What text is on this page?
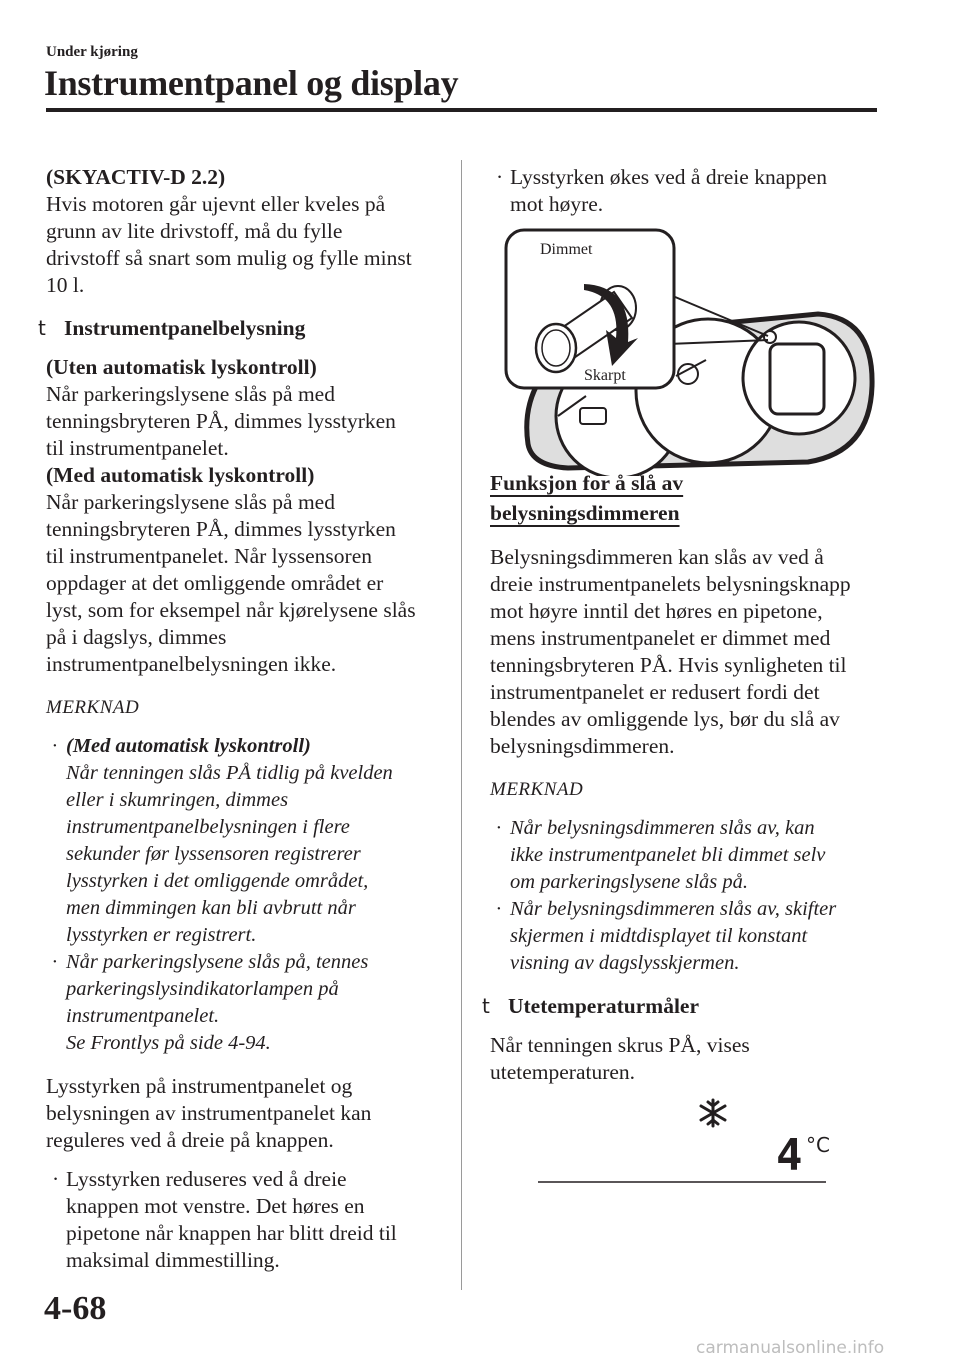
Under kjøring
Instrumentpanel og display

(SKYACTIV-D 2.2)

Hvis motoren går ujevnt eller kveles på

grunn av lite drivstoff, må du fylle

drivstoff så snart som mulig og fylle minst

10 l.

t Instrumentpanelbelysning

(Uten automatisk lyskontroll)

Når parkeringslysene slås på med

tenningsbryteren PÅ, dimmes lysstyrken

til instrumentpanelet.

(Med automatisk lyskontroll)

Når parkeringslysene slås på med

tenningsbryteren PÅ, dimmes lysstyrken

til instrumentpanelet. Når lyssensoren

oppdager at det omliggende området er

lyst, som for eksempel når kjørelysene slås

på i dagslys, dimmes

instrumentpanelbelysningen ikke.

MERKNAD

· (Med automatisk lyskontroll)

Når tenningen slås PÅ tidlig på kvelden

eller i skumringen, dimmes

instrumentpanelbelysningen i flere

sekunder før lyssensoren registrerer

lysstyrken i det omliggende området,

men dimmingen kan bli avbrutt når

lysstyrken er registrert.

· Når parkeringslysene slås på, tennes

parkeringslysindikatorlampen på

instrumentpanelet.

Se Frontlys på side 4-94.

Lysstyrken på instrumentpanelet og

belysningen av instrumentpanelet kan

reguleres ved å dreie på knappen.

· Lysstyrken reduseres ved å dreie

knappen mot venstre. Det høres en

pipetone når knappen har blitt dreid til

maksimal dimmestilling.

· Lysstyrken økes ved å dreie knappen

mot høyre.

Dimmet
Skarpt

Funksjon for å slå av

belysningsdimmeren

Belysningsdimmeren kan slås av ved å

dreie instrumentpanelets belysningsknapp

mot høyre inntil det høres en pipetone,

mens instrumentpanelet er dimmet med

tenningsbryteren PÅ. Hvis synligheten til

instrumentpanelet er redusert fordi det

blendes av omliggende lys, bør du slå av

belysningsdimmeren.

MERKNAD

· Når belysningsdimmeren slås av, kan

ikke instrumentpanelet bli dimmet selv

om parkeringslysene slås på.

· Når belysningsdimmeren slås av, skifter

skjermen i midtdisplayet til konstant

visning av dagslysskjermen.

t Utetemperaturmåler

Når tenningen skrus PÅ, vises

utetemperaturen.

4 °C
4-68
carmanualsonline.info
